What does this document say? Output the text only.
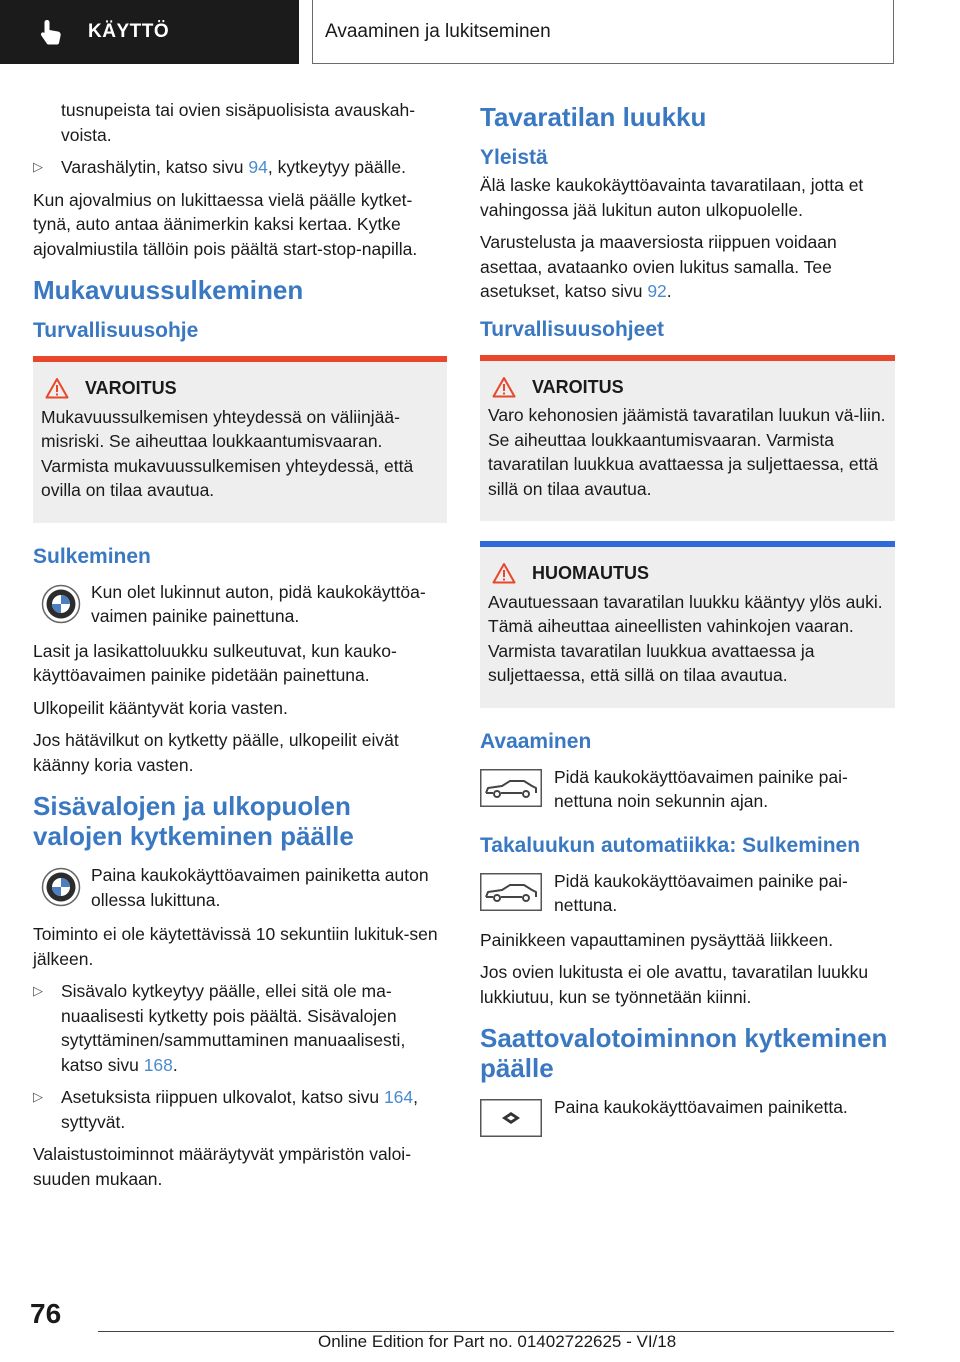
KÄYTTÖ	Avaaminen ja lukitseminen

tusnupeista tai ovien sisäpuolisista avauskah-voista.

▷ Varashälytin, katso sivu 94, kytkeytyy päälle.

Kun ajovalmius on lukittaessa vielä päälle kytket-tynä, auto antaa äänimerkin kaksi kertaa. Kytke ajovalmiustila tällöin pois päältä start-stop-napilla.

Mukavuussulkeminen
Turvallisuusohje
VAROITUS
Mukavuussulkemisen yhteydessä on väliinjää-misriski. Se aiheuttaa loukkaantumisvaaran. Varmista mukavuussulkemisen yhteydessä, että ovilla on tilaa avautua.
Sulkeminen
Kun olet lukinnut auton, pidä kaukokäyttöa-vaimen painike painettuna.

Lasit ja lasikattoluukku sulkeutuvat, kun kauko-käyttöavaimen painike pidetään painettuna.

Ulkopeilit kääntyvät koria vasten.

Jos hätävilkut on kytketty päälle, ulkopeilit eivät käänny koria vasten.

Sisävalojen ja ulkopuolen valojen kytkeminen päälle
Paina kaukokäyttöavaimen painiketta auton ollessa lukittuna.

Toiminto ei ole käytettävissä 10 sekuntiin lukituk-sen jälkeen.

▷ Sisävalo kytkeytyy päälle, ellei sitä ole ma-nuaalisesti kytketty pois päältä. Sisävalojen sytyttäminen/sammuttaminen manuaalisesti, katso sivu 168.
▷ Asetuksista riippuen ulkovalot, katso sivu 164, syttyvät.

Valaistustoiminnot määräytyvät ympäristön valoi-suuden mukaan.

Tavaratilan luukku
Yleistä

Älä laske kaukokäyttöavainta tavaratilaan, jotta et vahingossa jää lukitun auton ulkopuolelle.

Varustelusta ja maaversiosta riippuen voidaan asettaa, avataanko ovien lukitus samalla. Tee asetukset, katso sivu 92.

Turvallisuusohjeet
VAROITUS
Varo kehonosien jäämistä tavaratilan luukun vä-liin. Se aiheuttaa loukkaantumisvaaran. Varmista tavaratilan luukkua avattaessa ja suljettaessa, että sillä on tilaa avautua.
HUOMAUTUS
Avautuessaan tavaratilan luukku kääntyy ylös auki. Tämä aiheuttaa aineellisten vahinkojen vaaran. Varmista tavaratilan luukkua avattaessa ja suljettaessa, että sillä on tilaa avautua.
Avaaminen
Pidä kaukokäyttöavaimen painike pai-nettuna noin sekunnin ajan.
Takaluukun automatiikka: Sulkeminen
Pidä kaukokäyttöavaimen painike pai-nettuna.

Painikkeen vapauttaminen pysäyttää liikkeen.

Jos ovien lukitusta ei ole avattu, tavaratilan luukku lukkiutuu, kun se työnnetään kiinni.

Saattovalotoiminnon kytkeminen päälle
Paina kaukokäyttöavaimen painiketta.
76
Online Edition for Part no. 01402722625 - VI/18
